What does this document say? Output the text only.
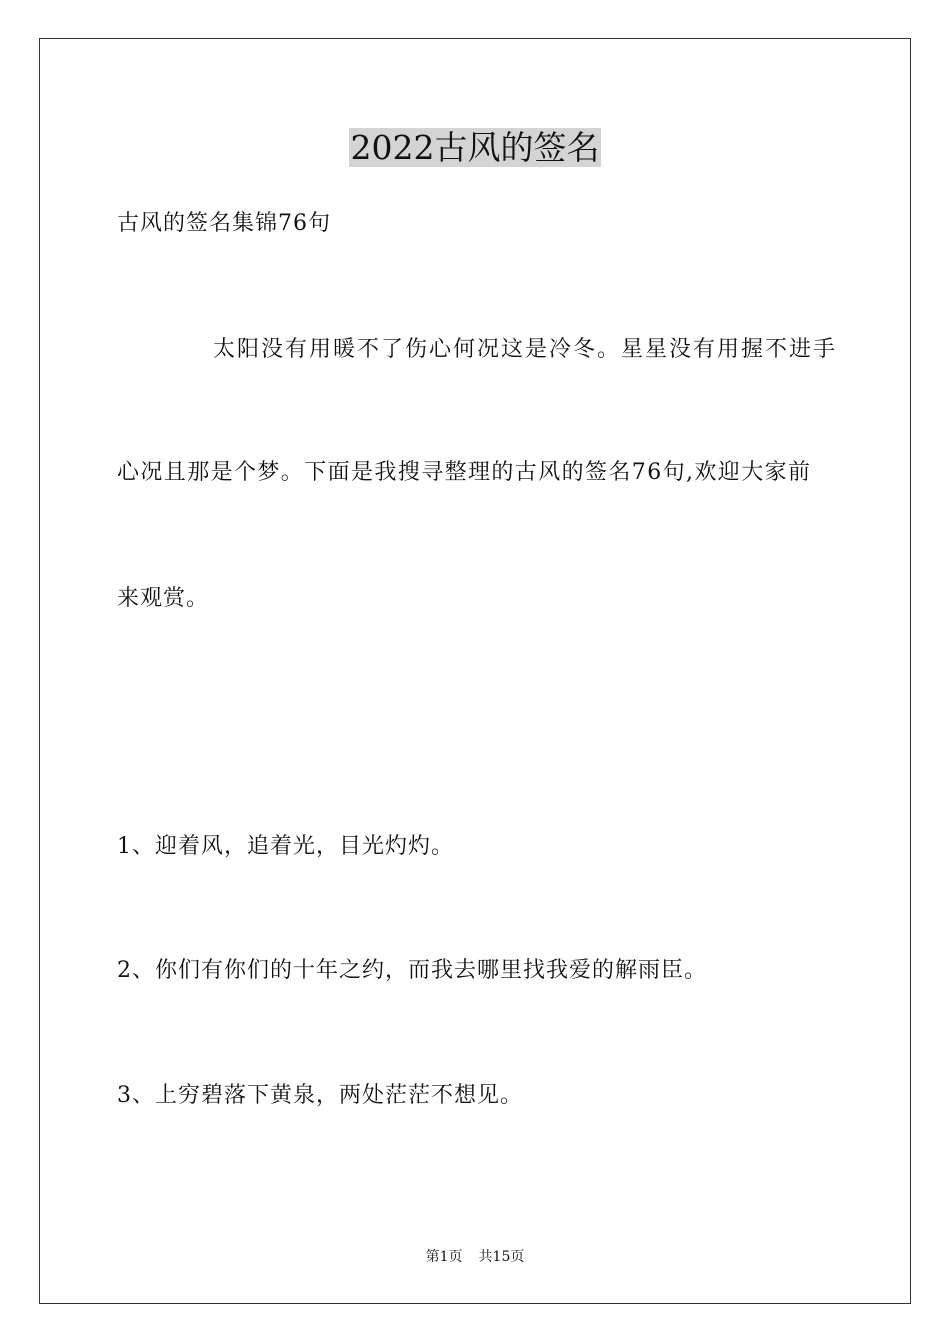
2022古风的签名
古风的签名集锦76句
太阳没有用暖不了伤心何况这是冷冬。星星没有用握不进手
心况且那是个梦。下面是我搜寻整理的古风的签名76句,欢迎大家前
来观赏。
1、迎着风，追着光，目光灼灼。
2、你们有你们的十年之约，而我去哪里找我爱的解雨臣。
3、上穷碧落下黄泉，两处茫茫不想见。
第1页 共15页
